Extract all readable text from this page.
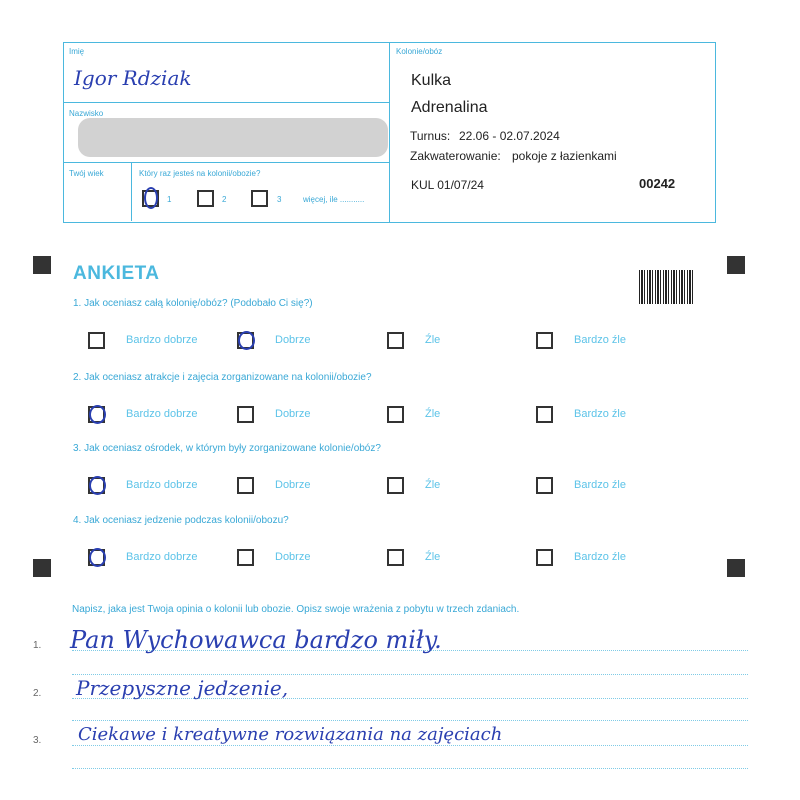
Imię
Igor Rdziak
Nazwisko
Twój wiek	Który raz jesteś na kolonii/obozie?
1	2	3	więcej, ile ...........
Kolonie/obóz
Kulka
Adrenalina
Turnus: 22.06 - 02.07.2024
Zakwaterowanie: pokoje z łazienkami
KUL 01/07/24	00242
ANKIETA
1. Jak oceniasz całą kolonię/obóz? (Podobało Ci się?)
Bardzo dobrze	Dobrze	Źle	Bardzo źle
2. Jak oceniasz atrakcje i zajęcia zorganizowane na kolonii/obozie?
Bardzo dobrze	Dobrze	Źle	Bardzo źle
3. Jak oceniasz ośrodek, w którym były zorganizowane kolonie/obóz?
Bardzo dobrze	Dobrze	Źle	Bardzo źle
4. Jak oceniasz jedzenie podczas kolonii/obozu?
Bardzo dobrze	Dobrze	Źle	Bardzo źle
Napisz, jaka jest Twoja opinia o kolonii lub obozie. Opisz swoje wrażenia z pobytu w trzech zdaniach.
1. Pan Wychowawca bardzo miły.
2. Przepyszne jedzenie,
3. Ciekawe i kreatywne rozwiązania na zajęciach
